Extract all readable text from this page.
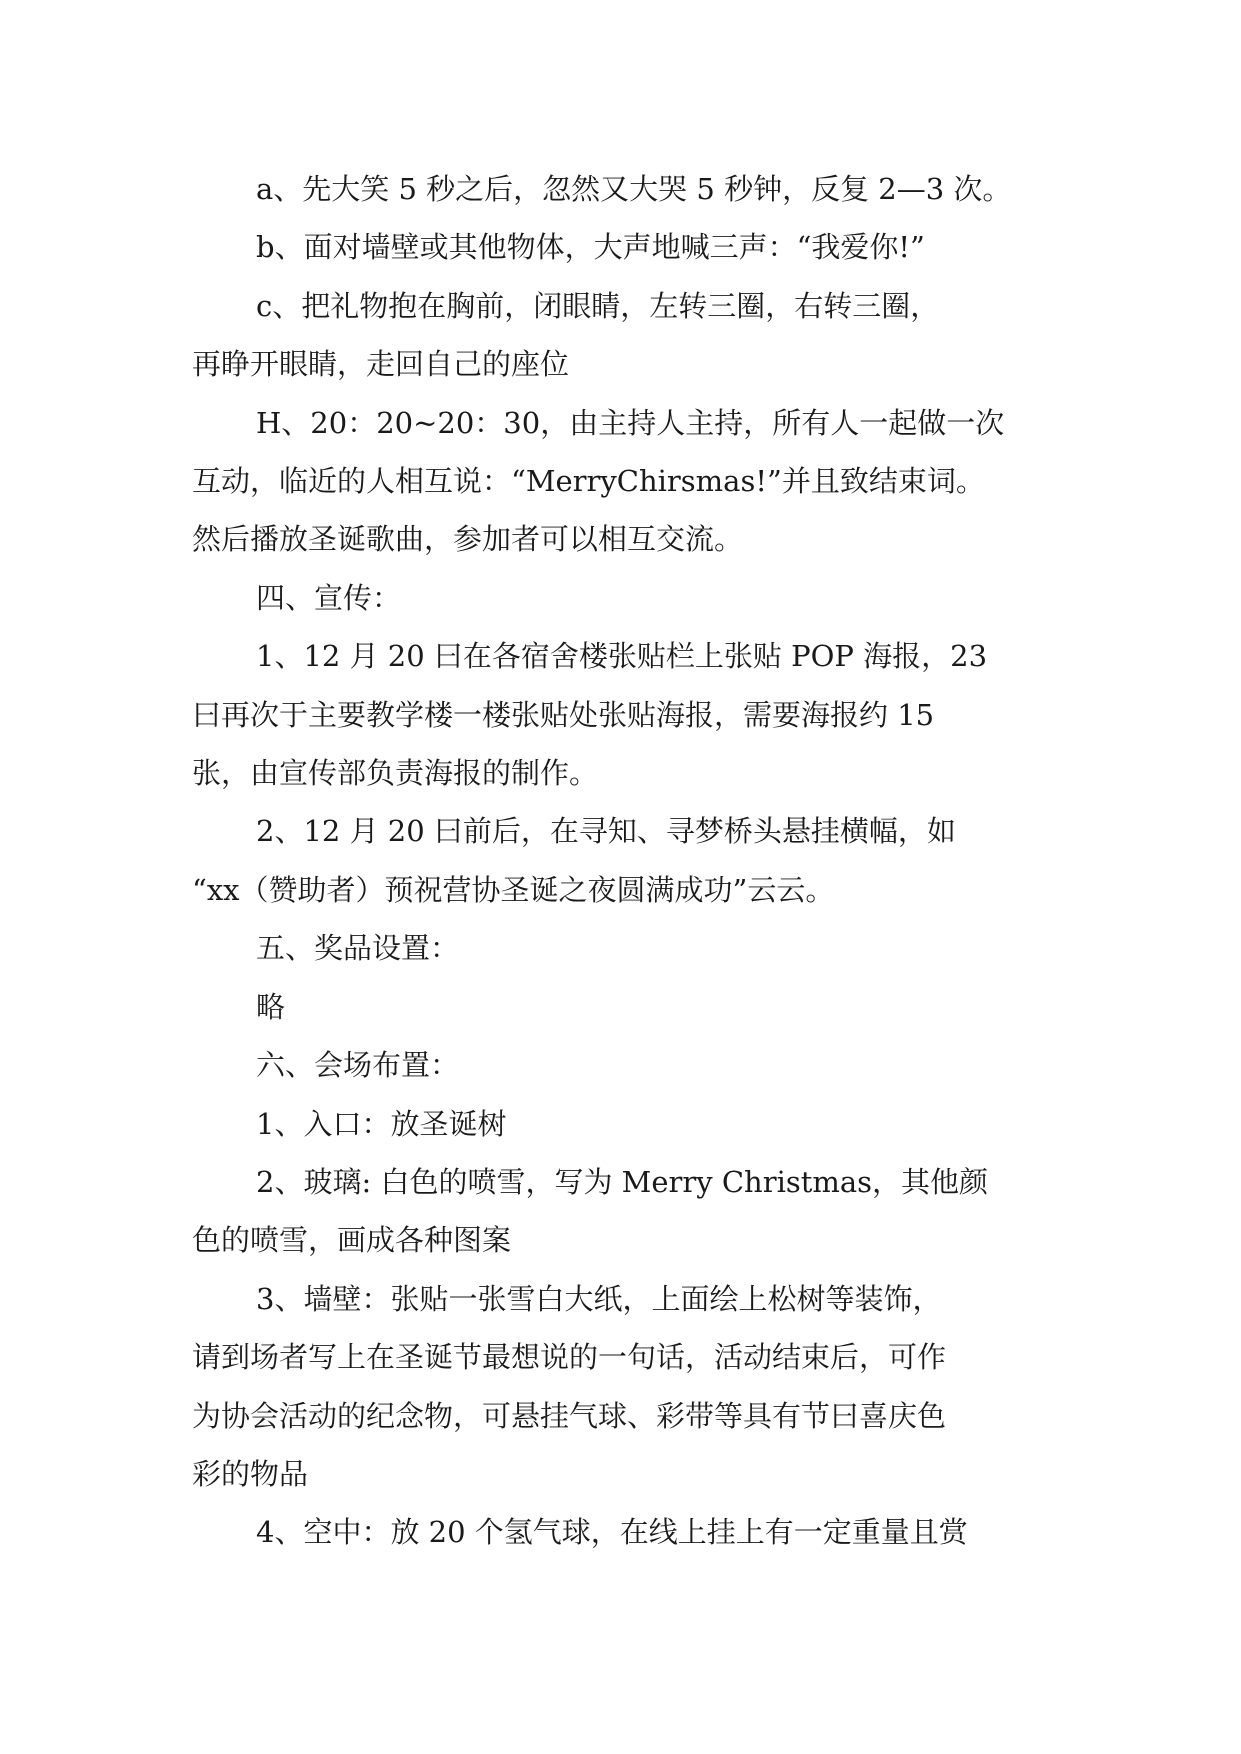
a、先大笑 5 秒之后，忽然又大哭 5 秒钟，反复 2—3 次。

b、面对墙壁或其他物体，大声地喊三声：“我爱你!”

c、把礼物抱在胸前，闭眼睛，左转三圈，右转三圈，
再睁开眼睛，走回自己的座位

H、20：20~20：30，由主持人主持，所有人一起做一次
互动，临近的人相互说：“MerryChirsmas!”并且致结束词。
然后播放圣诞歌曲，参加者可以相互交流。

四、宣传：

1、12 月 20 曰在各宿舍楼张贴栏上张贴 POP 海报，23
曰再次于主要教学楼一楼张贴处张贴海报，需要海报约 15
张，由宣传部负责海报的制作。

2、12 月 20 曰前后，在寻知、寻梦桥头悬挂横幅，如
“xx（赞助者）预祝营协圣诞之夜圆满成功”云云。

五、奖品设置：

略

六、会场布置：

1、入口：放圣诞树

2、玻璃: 白色的喷雪，写为 Merry Christmas，其他颜
色的喷雪，画成各种图案

3、墙壁：张贴一张雪白大纸，上面绘上松树等装饰，
请到场者写上在圣诞节最想说的一句话，活动结束后，可作
为协会活动的纪念物，可悬挂气球、彩带等具有节曰喜庆色
彩的物品

4、空中：放 20 个氢气球，在线上挂上有一定重量且赏
